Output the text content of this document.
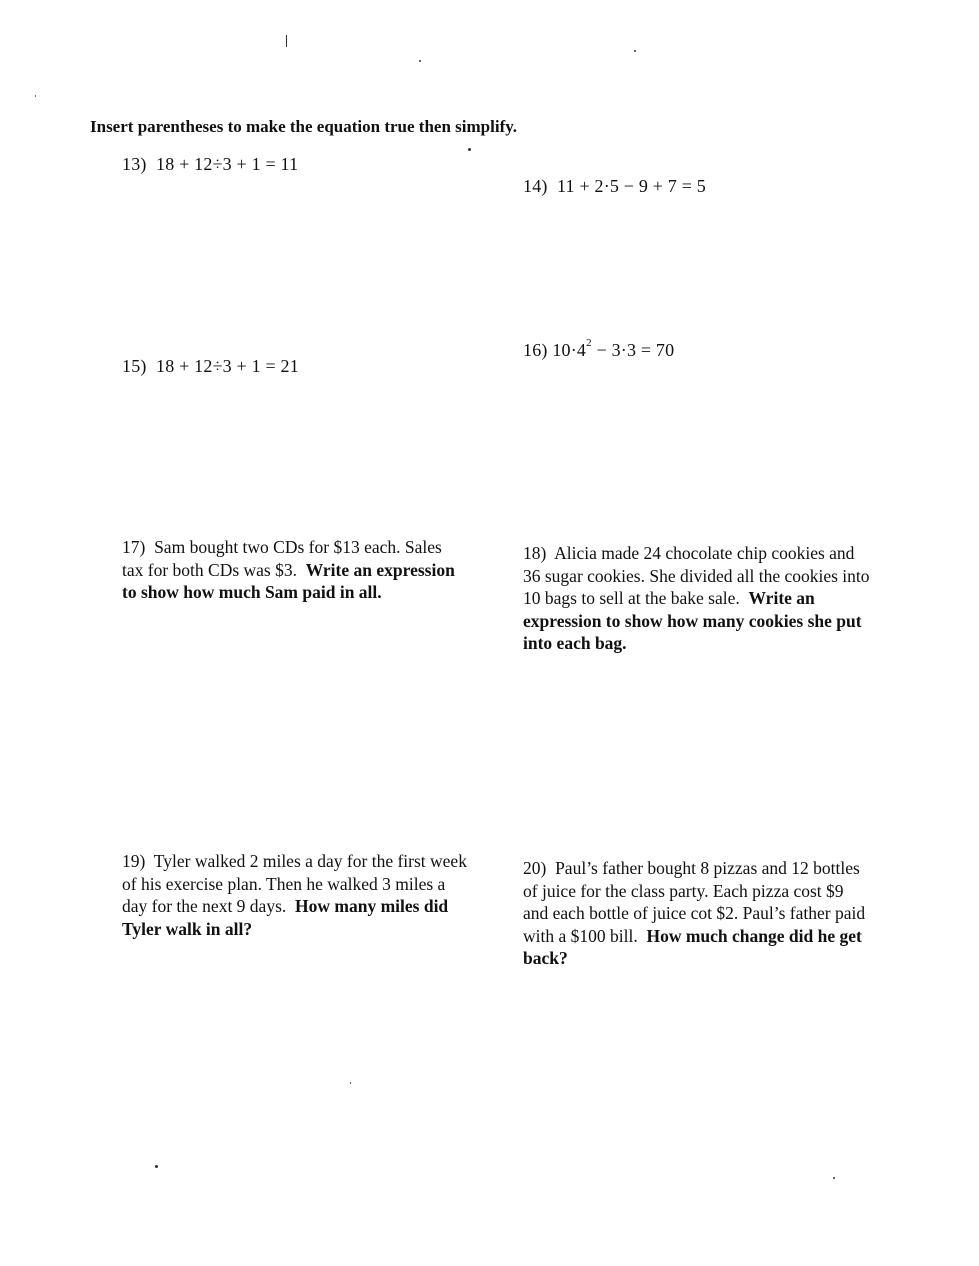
Insert parentheses to make the equation true then simplify.
13) 18 + 12÷3 + 1 = 11
14) 11 + 2·5 − 9 + 7 = 5
15) 18 + 12÷3 + 1 = 21
16) $10\cdot 4^2 - 3\cdot 3 = 70$
17) Sam bought two CDs for $13 each. Sales tax for both CDs was $3. Write an expression to show how much Sam paid in all.
18) Alicia made 24 chocolate chip cookies and 36 sugar cookies. She divided all the cookies into 10 bags to sell at the bake sale. Write an expression to show how many cookies she put into each bag.
19) Tyler walked 2 miles a day for the first week of his exercise plan. Then he walked 3 miles a day for the next 9 days. How many miles did Tyler walk in all?
20) Paul’s father bought 8 pizzas and 12 bottles of juice for the class party. Each pizza cost $9 and each bottle of juice cot $2. Paul’s father paid with a $100 bill. How much change did he get back?
